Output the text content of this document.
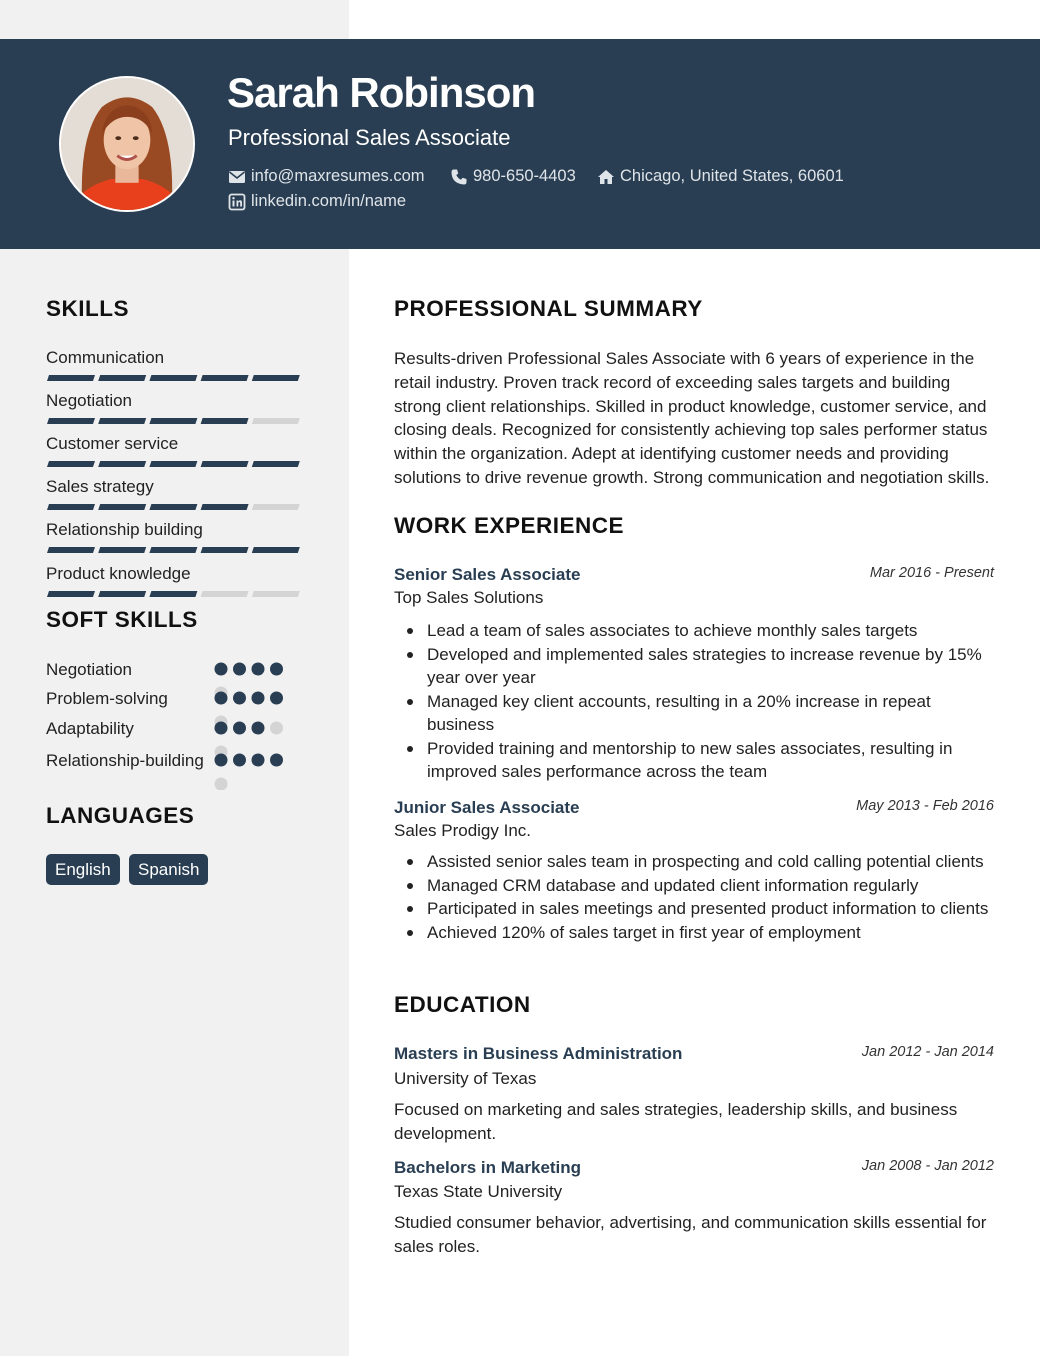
Sarah Robinson
Professional Sales Associate
info@maxresumes.com	980-650-4403	Chicago, United States, 60601
linkedin.com/in/name
SKILLS
Communication
Negotiation
Customer service
Sales strategy
Relationship building
Product knowledge
SOFT SKILLS
Negotiation
Problem-solving
Adaptability
Relationship-building
LANGUAGES
English	Spanish
PROFESSIONAL SUMMARY
Results-driven Professional Sales Associate with 6 years of experience in the retail industry. Proven track record of exceeding sales targets and building strong client relationships. Skilled in product knowledge, customer service, and closing deals. Recognized for consistently achieving top sales performer status within the organization. Adept at identifying customer needs and providing solutions to drive revenue growth. Strong communication and negotiation skills.
WORK EXPERIENCE
Senior Sales Associate	Mar 2016 - Present
Top Sales Solutions
Lead a team of sales associates to achieve monthly sales targets
Developed and implemented sales strategies to increase revenue by 15% year over year
Managed key client accounts, resulting in a 20% increase in repeat business
Provided training and mentorship to new sales associates, resulting in improved sales performance across the team
Junior Sales Associate	May 2013 - Feb 2016
Sales Prodigy Inc.
Assisted senior sales team in prospecting and cold calling potential clients
Managed CRM database and updated client information regularly
Participated in sales meetings and presented product information to clients
Achieved 120% of sales target in first year of employment
EDUCATION
Masters in Business Administration	Jan 2012 - Jan 2014
University of Texas
Focused on marketing and sales strategies, leadership skills, and business development.
Bachelors in Marketing	Jan 2008 - Jan 2012
Texas State University
Studied consumer behavior, advertising, and communication skills essential for sales roles.
